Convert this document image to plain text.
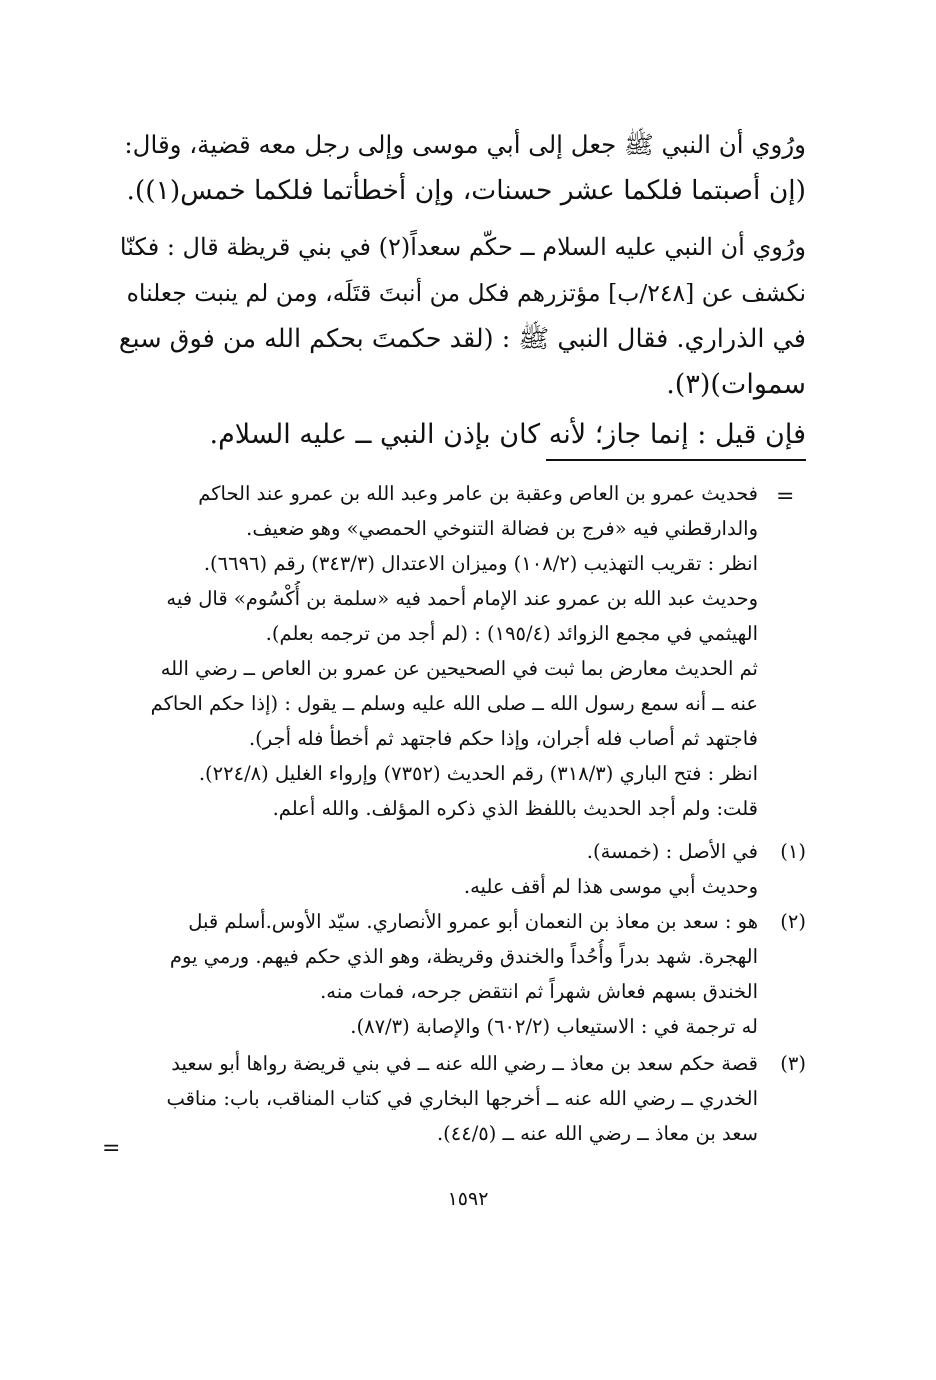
ورُوي أن النبي ﷺ جعل إلى أبي موسى وإلى رجل معه قضية، وقال:
(إن أصبتما فلكما عشر حسنات، وإن أخطأتما فلكما خمس(١)).
ورُوي أن النبي عليه السلام ــ حكّم سعداً(٢) في بني قريظة قال : فكنّا
نكشف عن [٢٤٨/ب] مؤتزرهم فكل من أنبتَ قتَلَه، ومن لم ينبت جعلناه
في الذراري. فقال النبي ﷺ : (لقد حكمتَ بحكم الله من فوق سبع
سموات)(٣).
فإن قيل : إنما جاز؛ لأنه كان بإذن النبي ــ عليه السلام.
=
فحديث عمرو بن العاص وعقبة بن عامر وعبد الله بن عمرو عند الحاكم
والدارقطني فيه «فرج بن فضالة التنوخي الحمصي» وهو ضعيف.
انظر : تقريب التهذيب (١٠٨/٢) وميزان الاعتدال (٣٤٣/٣) رقم (٦٦٩٦).
وحديث عبد الله بن عمرو عند الإمام أحمد فيه «سلمة بن أُكْسُوم» قال فيه
الهيثمي في مجمع الزوائد (١٩٥/٤) : (لم أجد من ترجمه بعلم).
ثم الحديث معارض بما ثبت في الصحيحين عن عمرو بن العاص ــ رضي الله
عنه ــ أنه سمع رسول الله ــ صلى الله عليه وسلم ــ يقول : (إذا حكم الحاكم
فاجتهد ثم أصاب فله أجران، وإذا حكم فاجتهد ثم أخطأ فله أجر).
انظر : فتح الباري (٣١٨/٣) رقم الحديث (٧٣٥٢) وإرواء الغليل (٢٢٤/٨).
قلت: ولم أجد الحديث باللفظ الذي ذكره المؤلف. والله أعلم.
(١)
في الأصل : (خمسة).
وحديث أبي موسى هذا لم أقف عليه.
(٢)
هو : سعد بن معاذ بن النعمان أبو عمرو الأنصاري. سيّد الأوس.أسلم قبل
الهجرة. شهد بدراً وأُحُداً والخندق وقريظة، وهو الذي حكم فيهم. ورمي يوم
الخندق بسهم فعاش شهراً ثم انتقض جرحه، فمات منه.
له ترجمة في : الاستيعاب (٦٠٢/٢) والإصابة (٨٧/٣).
(٣)
قصة حكم سعد بن معاذ ــ رضي الله عنه ــ في بني قريضة رواها أبو سعيد
الخدري ــ رضي الله عنه ــ أخرجها البخاري في كتاب المناقب، باب: مناقب
سعد بن معاذ ــ رضي الله عنه ــ (٤٤/٥).
=
١٥٩٢
